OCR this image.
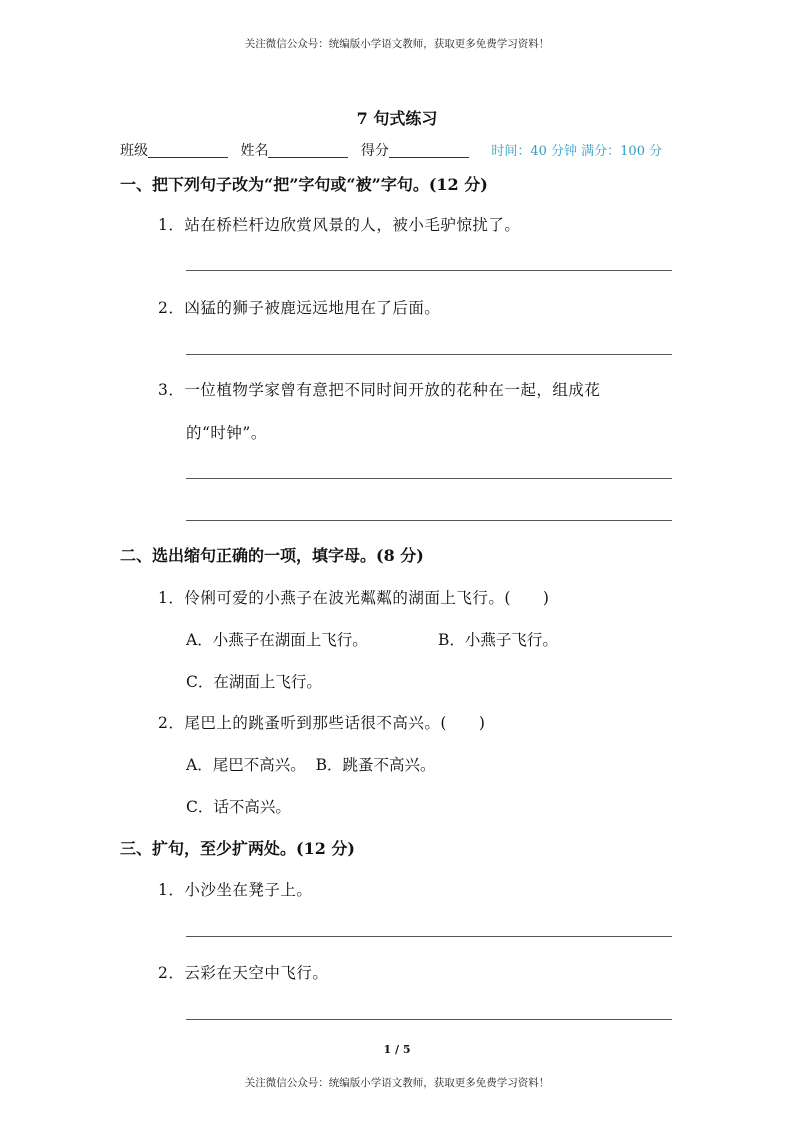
关注微信公众号：统编版小学语文教师，获取更多免费学习资料！
7 句式练习
班级	姓名	得分	时间：40 分钟 满分：100 分
一、把下列句子改为“把”字句或“被”字句。(12 分)
1．站在桥栏杆边欣赏风景的人，被小毛驴惊扰了。
2．凶猛的狮子被鹿远远地甩在了后面。
3．一位植物学家曾有意把不同时间开放的花种在一起，组成花
的“时钟”。
二、选出缩句正确的一项，填字母。(8 分)
1．伶俐可爱的小燕子在波光粼粼的湖面上飞行。(　　)
A．小燕子在湖面上飞行。	B．小燕子飞行。
C．在湖面上飞行。
2．尾巴上的跳蚤听到那些话很不高兴。(　　)
A．尾巴不高兴。 B．跳蚤不高兴。
C．话不高兴。
三、扩句，至少扩两处。(12 分)
1．小沙坐在凳子上。
2．云彩在天空中飞行。
1 / 5
关注微信公众号：统编版小学语文教师，获取更多免费学习资料！
